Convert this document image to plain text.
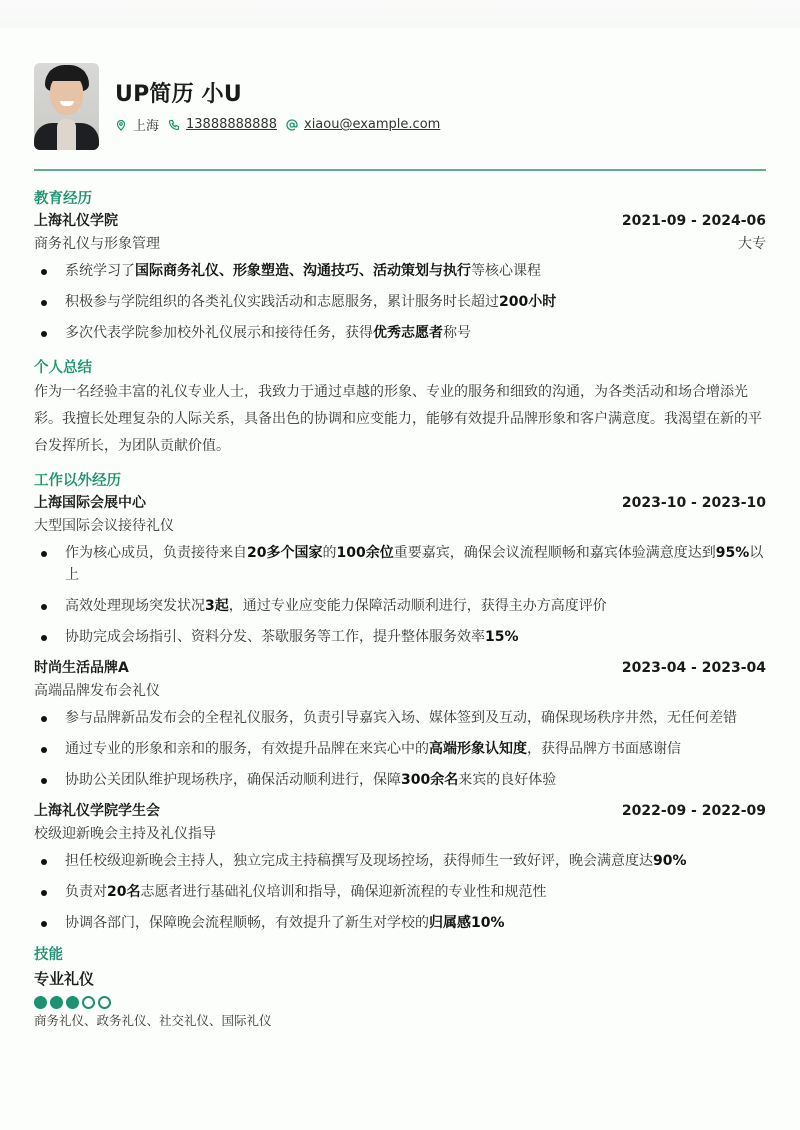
UP简历 小U
上海 13888888888 xiaou@example.com
教育经历
上海礼仪学院	2021-09 - 2024-06
商务礼仪与形象管理	大专
系统学习了国际商务礼仪、形象塑造、沟通技巧、活动策划与执行等核心课程
积极参与学院组织的各类礼仪实践活动和志愿服务，累计服务时长超过200小时
多次代表学院参加校外礼仪展示和接待任务，获得优秀志愿者称号
个人总结
作为一名经验丰富的礼仪专业人士，我致力于通过卓越的形象、专业的服务和细致的沟通，为各类活动和场合增添光彩。我擅长处理复杂的人际关系，具备出色的协调和应变能力，能够有效提升品牌形象和客户满意度。我渴望在新的平台发挥所长，为团队贡献价值。
工作以外经历
上海国际会展中心	2023-10 - 2023-10
大型国际会议接待礼仪
作为核心成员，负责接待来自20多个国家的100余位重要嘉宾，确保会议流程顺畅和嘉宾体验满意度达到95%以上
高效处理现场突发状况3起，通过专业应变能力保障活动顺利进行，获得主办方高度评价
协助完成会场指引、资料分发、茶歇服务等工作，提升整体服务效率15%
时尚生活品牌A	2023-04 - 2023-04
高端品牌发布会礼仪
参与品牌新品发布会的全程礼仪服务，负责引导嘉宾入场、媒体签到及互动，确保现场秩序井然，无任何差错
通过专业的形象和亲和的服务，有效提升品牌在来宾心中的高端形象认知度，获得品牌方书面感谢信
协助公关团队维护现场秩序，确保活动顺利进行，保障300余名来宾的良好体验
上海礼仪学院学生会	2022-09 - 2022-09
校级迎新晚会主持及礼仪指导
担任校级迎新晚会主持人，独立完成主持稿撰写及现场控场，获得师生一致好评，晚会满意度达90%
负责对20名志愿者进行基础礼仪培训和指导，确保迎新流程的专业性和规范性
协调各部门，保障晚会流程顺畅，有效提升了新生对学校的归属感10%
技能
专业礼仪
商务礼仪、政务礼仪、社交礼仪、国际礼仪
